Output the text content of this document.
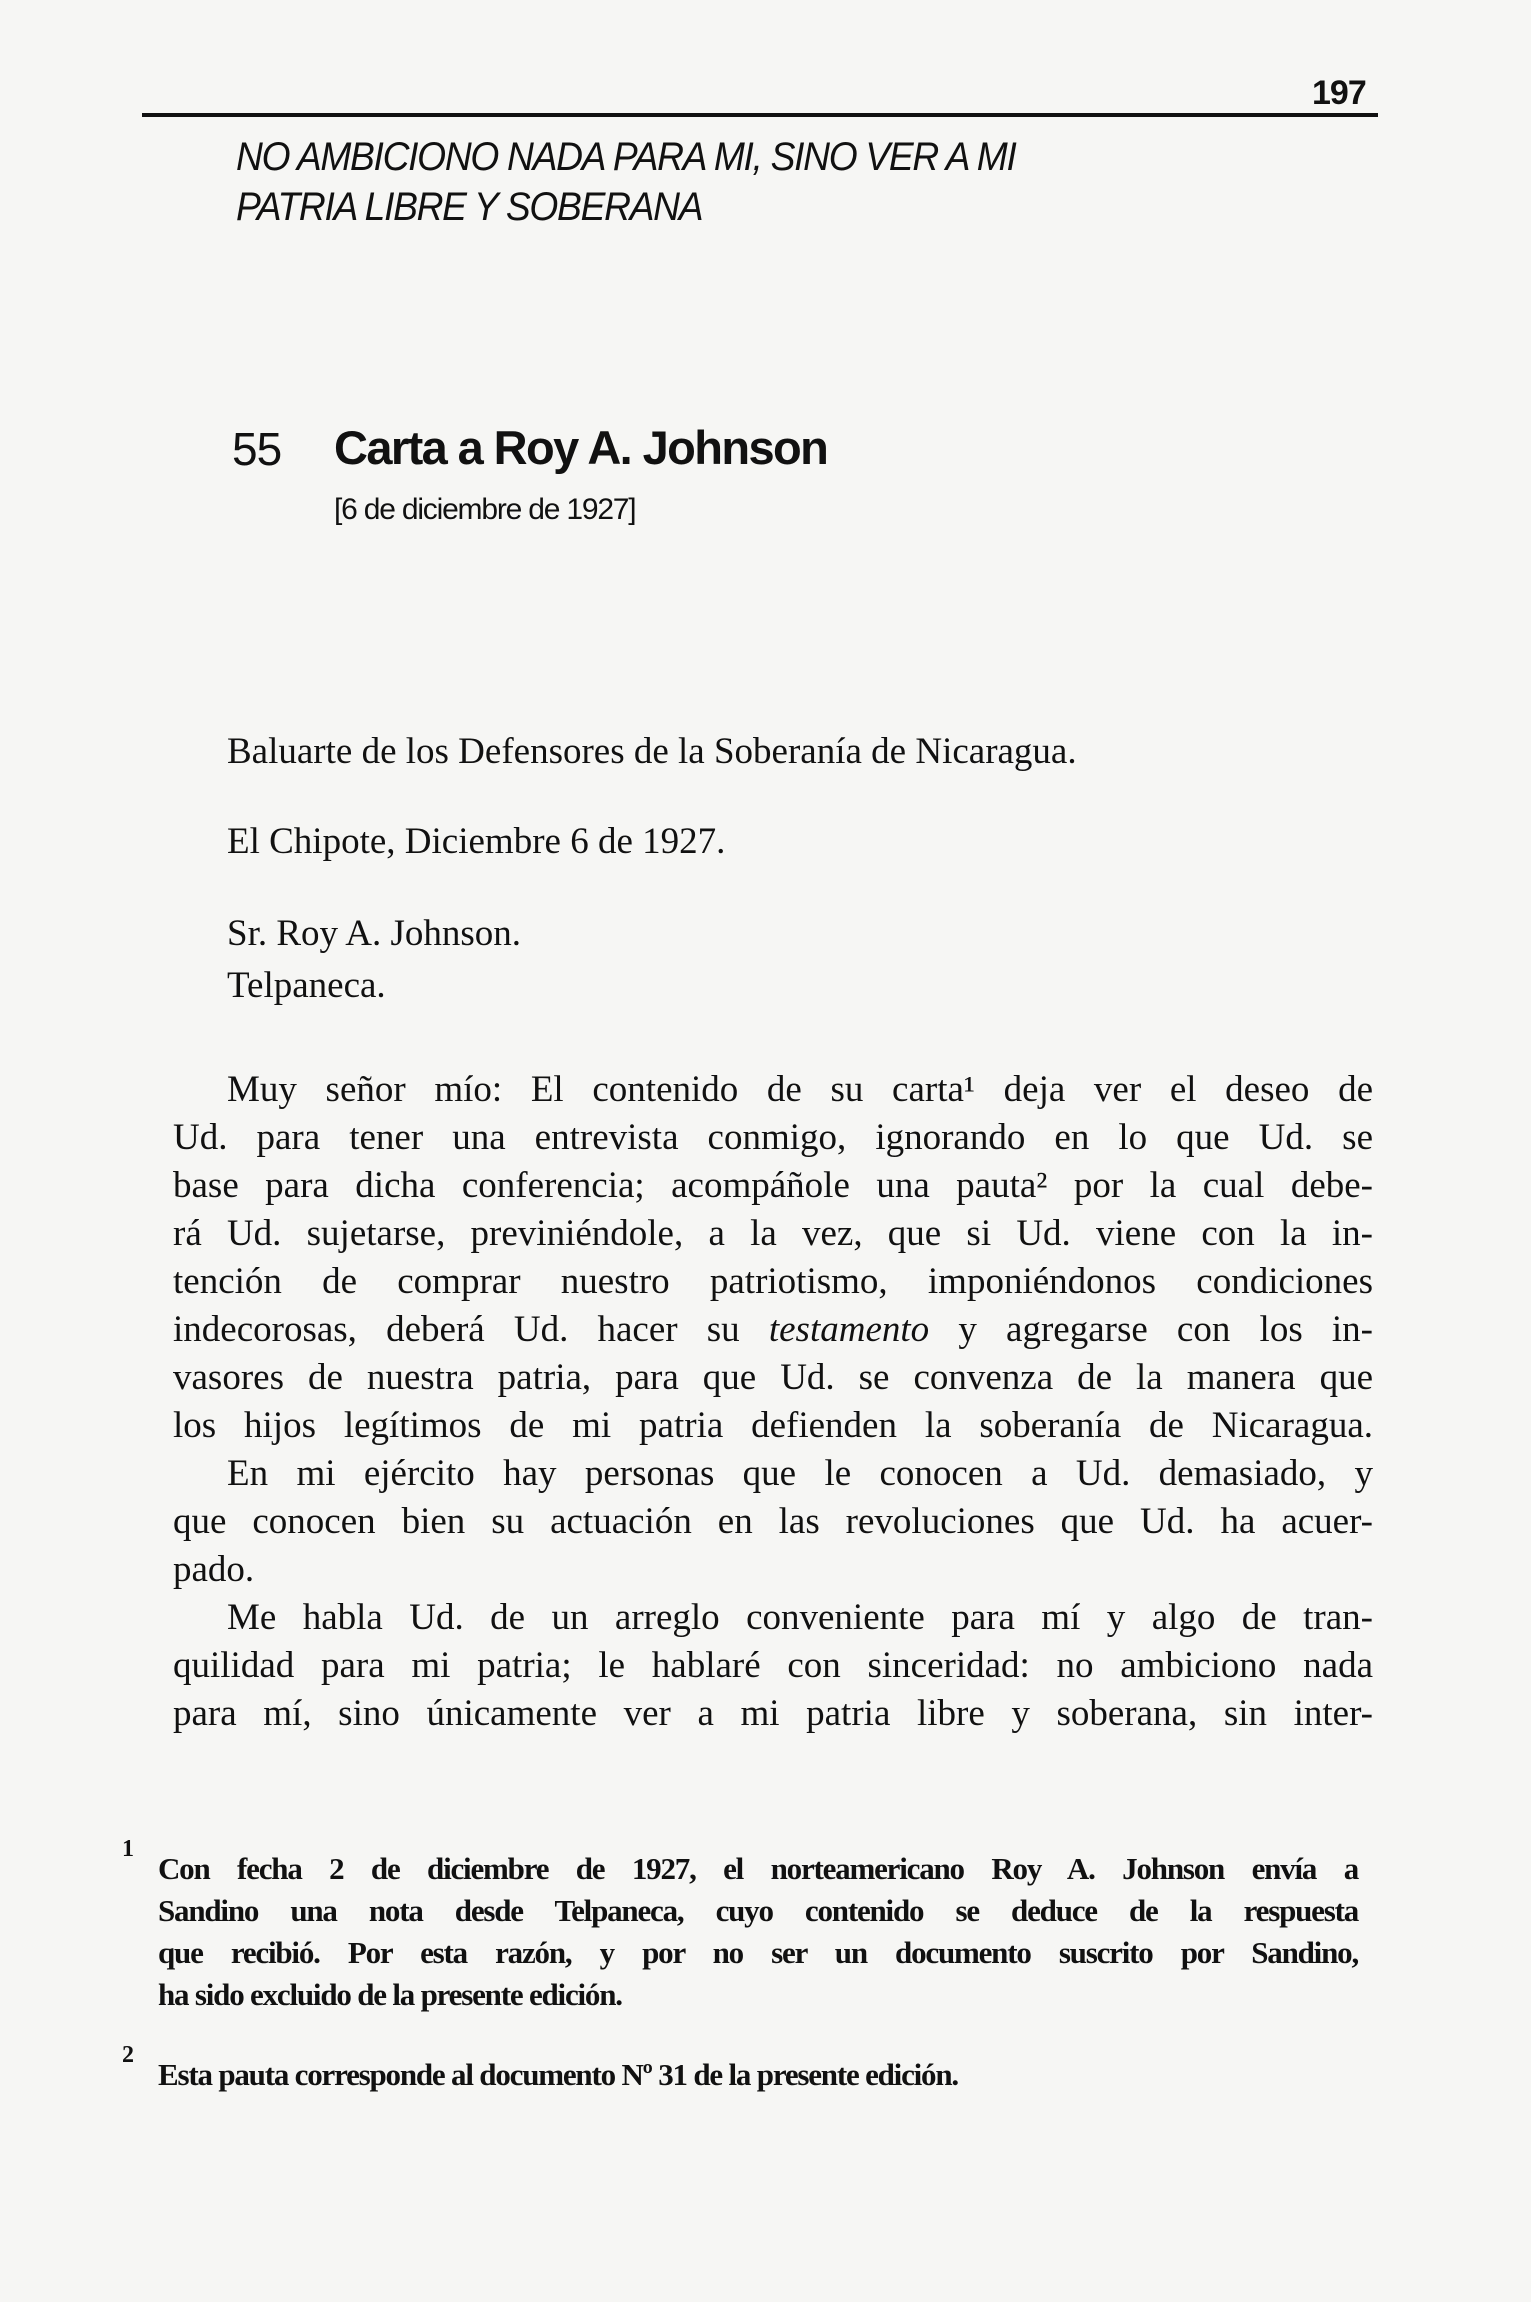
197
NO AMBICIONO NADA PARA MI, SINO VER A MI
PATRIA LIBRE Y SOBERANA
55 Carta a Roy A. Johnson
[6 de diciembre de 1927]
Baluarte de los Defensores de la Soberanía de Nicaragua.
El Chipote, Diciembre 6 de 1927.
Sr. Roy A. Johnson.
Telpaneca.
Muy señor mío: El contenido de su carta¹ deja ver el deseo de
Ud. para tener una entrevista conmigo, ignorando en lo que Ud. se
base para dicha conferencia; acompáñole una pauta² por la cual debe-
rá Ud. sujetarse, previniéndole, a la vez, que si Ud. viene con la in-
tención de comprar nuestro patriotismo, imponiéndonos condiciones
indecorosas, deberá Ud. hacer su testamento y agregarse con los in-
vasores de nuestra patria, para que Ud. se convenza de la manera que
los hijos legítimos de mi patria defienden la soberanía de Nicaragua.
En mi ejército hay personas que le conocen a Ud. demasiado, y
que conocen bien su actuación en las revoluciones que Ud. ha acuer-
pado.
Me habla Ud. de un arreglo conveniente para mí y algo de tran-
quilidad para mi patria; le hablaré con sinceridad: no ambiciono nada
para mí, sino únicamente ver a mi patria libre y soberana, sin inter-
1
Con fecha 2 de diciembre de 1927, el norteamericano Roy A. Johnson envía a
Sandino una nota desde Telpaneca, cuyo contenido se deduce de la respuesta
que recibió. Por esta razón, y por no ser un documento suscrito por Sandino,
ha sido excluido de la presente edición.
2
Esta pauta corresponde al documento Nº 31 de la presente edición.
